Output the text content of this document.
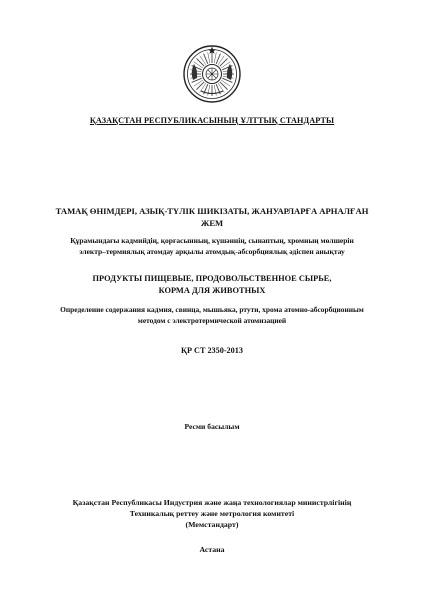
ҚАЗАҚСТАН РЕСПУБЛИКАСЫНЫҢ ҰЛТТЫҚ СТАНДАРТЫ
ТАМАҚ ӨНІМДЕРІ, АЗЫҚ-ТҮЛІК ШИКІЗАТЫ, ЖАНУАРЛАРҒА АРНАЛҒАН
ЖЕМ
Құрамындағы кадмийдің, қорғасынның, күшәннің, сынаптың, хромның мөлшерін
электр–термиялық атомдау арқылы атомдық-абсорбциялық әдіспен анықтау
ПРОДУКТЫ ПИЩЕВЫЕ, ПРОДОВОЛЬСТВЕННОЕ СЫРЬЕ,
КОРМА ДЛЯ ЖИВОТНЫХ
Определение содержания кадмия, свинца, мышьяка, ртути, хрома атомно-абсорбционным
методом с электротермической атомизацией
ҚР СТ 2350-2013
Ресми басылым
Қазақстан Республикасы Индустрия және жаңа технологиялар министрлігінің
Техникалық реттеу және метрология комитеті
(Мемстандарт)
Астана
